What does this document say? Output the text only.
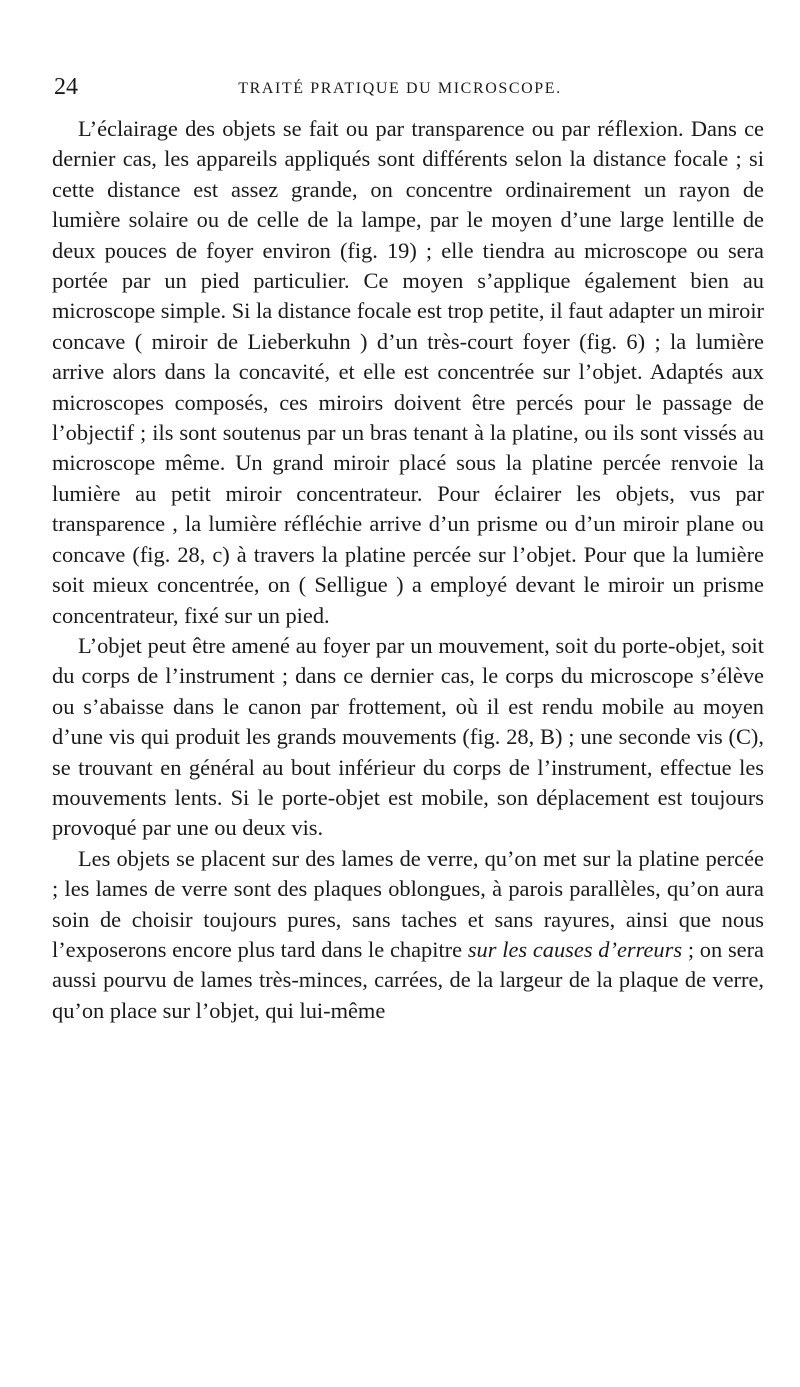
24	TRAITÉ PRATIQUE DU MICROSCOPE.

L’éclairage des objets se fait ou par transparence ou par réflexion. Dans ce dernier cas, les appareils appliqués sont différents selon la distance focale ; si cette distance est assez grande, on concentre ordinairement un rayon de lumière solaire ou de celle de la lampe, par le moyen d’une large lentille de deux pouces de foyer environ (fig. 19) ; elle tiendra au microscope ou sera portée par un pied particulier. Ce moyen s’applique également bien au microscope simple. Si la distance focale est trop petite, il faut adapter un miroir concave ( miroir de Lieberkuhn ) d’un très-court foyer (fig. 6) ; la lumière arrive alors dans la concavité, et elle est concentrée sur l’objet. Adaptés aux microscopes composés, ces miroirs doivent être percés pour le passage de l’objectif ; ils sont soutenus par un bras tenant à la platine, ou ils sont vissés au microscope même. Un grand miroir placé sous la platine percée renvoie la lumière au petit miroir concentrateur. Pour éclairer les objets, vus par transparence , la lumière réfléchie arrive d’un prisme ou d’un miroir plane ou concave (fig. 28, c) à travers la platine percée sur l’objet. Pour que la lumière soit mieux concentrée, on ( Selligue ) a employé devant le miroir un prisme concentrateur, fixé sur un pied.

L’objet peut être amené au foyer par un mouvement, soit du porte-objet, soit du corps de l’instrument ; dans ce dernier cas, le corps du microscope s’élève ou s’abaisse dans le canon par frottement, où il est rendu mobile au moyen d’une vis qui produit les grands mouvements (fig. 28, B) ; une seconde vis (C), se trouvant en général au bout inférieur du corps de l’instrument, effectue les mouvements lents. Si le porte-objet est mobile, son déplacement est toujours provoqué par une ou deux vis.

Les objets se placent sur des lames de verre, qu’on met sur la platine percée ; les lames de verre sont des plaques oblongues, à parois parallèles, qu’on aura soin de choisir toujours pures, sans taches et sans rayures, ainsi que nous l’exposerons encore plus tard dans le chapitre sur les causes d’erreurs ; on sera aussi pourvu de lames très-minces, carrées, de la largeur de la plaque de verre, qu’on place sur l’objet, qui lui-même
